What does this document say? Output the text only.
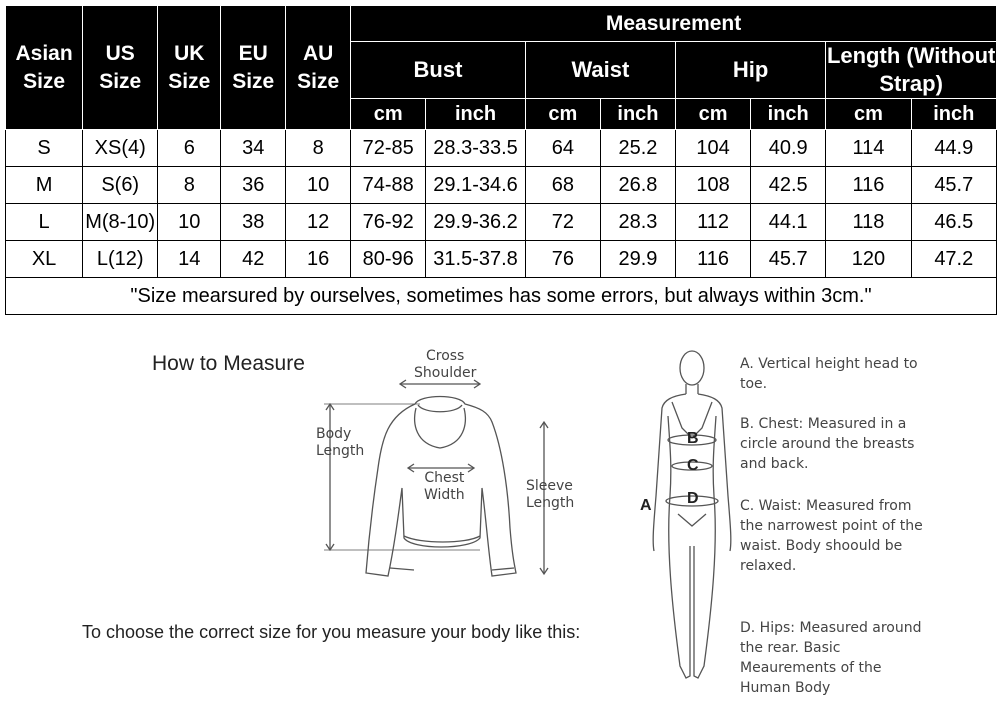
Asian Size	US Size	UK Size	EU Size	AU Size	Measurement							
					Bust		Waist		Hip		Length (Without Strap)	
					cm	inch	cm	inch	cm	inch	cm	inch
S	XS(4)	6	34	8	72-85	28.3-33.5	64	25.2	104	40.9	114	44.9
M	S(6)	8	36	10	74-88	29.1-34.6	68	26.8	108	42.5	116	45.7
L	M(8-10)	10	38	12	76-92	29.9-36.2	72	28.3	112	44.1	118	46.5
XL	L(12)	14	42	16	80-96	31.5-37.8	76	29.9	116	45.7	120	47.2
"Size mearsured by ourselves, sometimes has some errors, but always within 3cm."												
How to Measure
To choose the correct size for you measure your body like this:
Cross
Shoulder
Body
Length
Chest
Width
Sleeve
Length
B
C
D
A
A. Vertical height head to toe.
B. Chest: Measured in a circle around the breasts and back.
C. Waist: Measured from the narrowest point of the waist. Body shoould be relaxed.
D. Hips: Measured around the rear. Basic Meaurements of the Human Body
